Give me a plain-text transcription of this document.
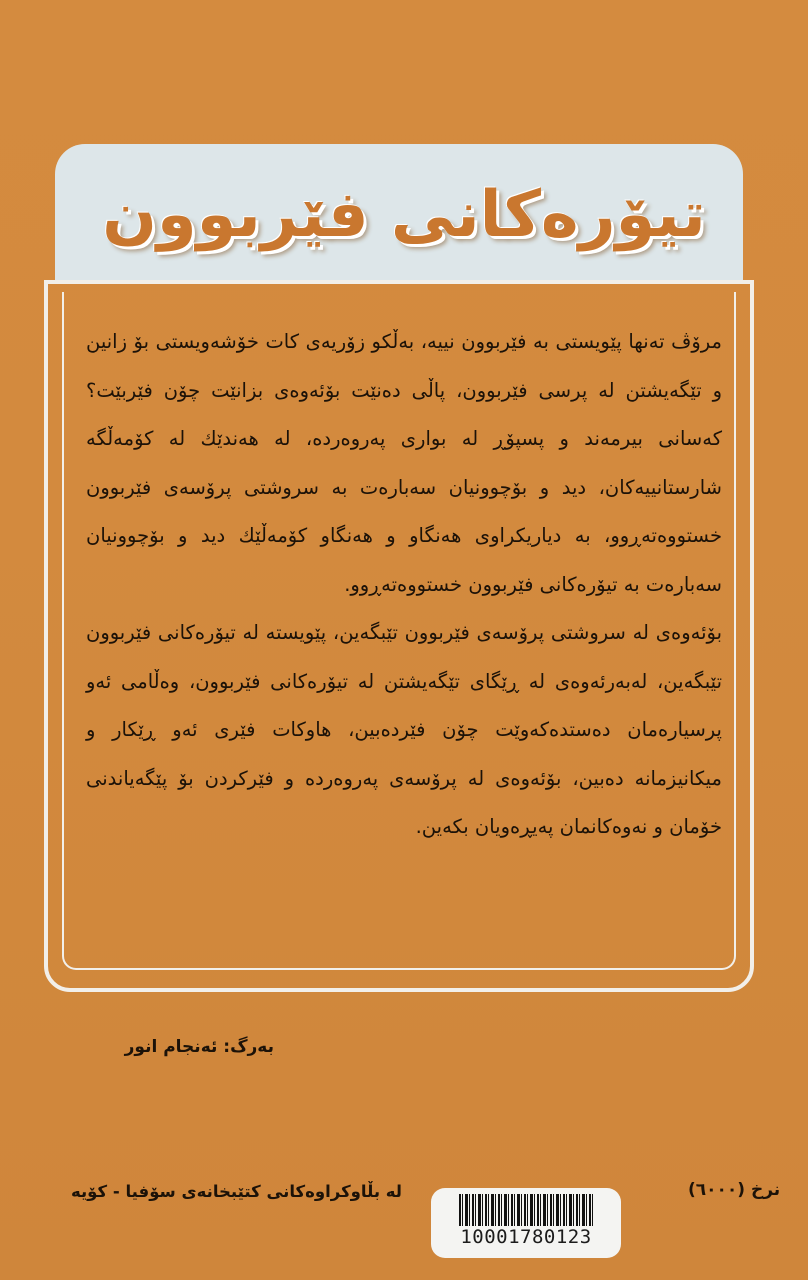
تیۆرەکانی فێربوون

مرۆڤ تەنها پێویستی بە فێربوون نییە، بەڵکو زۆریەی کات خۆشەویستی بۆ زانین و تێگەیشتن لە پرسی فێربوون، پاڵی دەنێت بۆئەوەی بزانێت چۆن فێربێت؟ کەسانی بیرمەند و پسپۆڕ لە بواری پەروەردە، لە هەندێك لە کۆمەڵگە شارستانییەکان، دید و بۆچوونیان سەبارەت بە سروشتی پرۆسەی فێربوون خستووەتەڕوو، بە دیاریکراوی هەنگاو و هەنگاو کۆمەڵێك دید و بۆچوونیان سەبارەت بە تیۆرەکانی فێربوون خستووەتەڕوو.

بۆئەوەی لە سروشتی پرۆسەی فێربوون تێبگەین، پێویستە لە تیۆرەکانی فێربوون تێبگەین، لەبەرئەوەی لە ڕێگای تێگەیشتن لە تیۆرەکانی فێربوون، وەڵامی ئەو پرسیارەمان دەستدەکەوێت چۆن فێردەبین، هاوکات فێری ئەو ڕێکار و میکانیزمانە دەبین، بۆئەوەی لە پرۆسەی پەروەردە و فێرکردن بۆ پێگەیاندنی خۆمان و نەوەکانمان پەیڕەویان بکەین.

بەرگ: ئەنجام انور
لە بڵاوکراوەکانی کتێبخانەی سۆفیا - کۆیە	نرخ (٦٠٠٠)
10001780123
